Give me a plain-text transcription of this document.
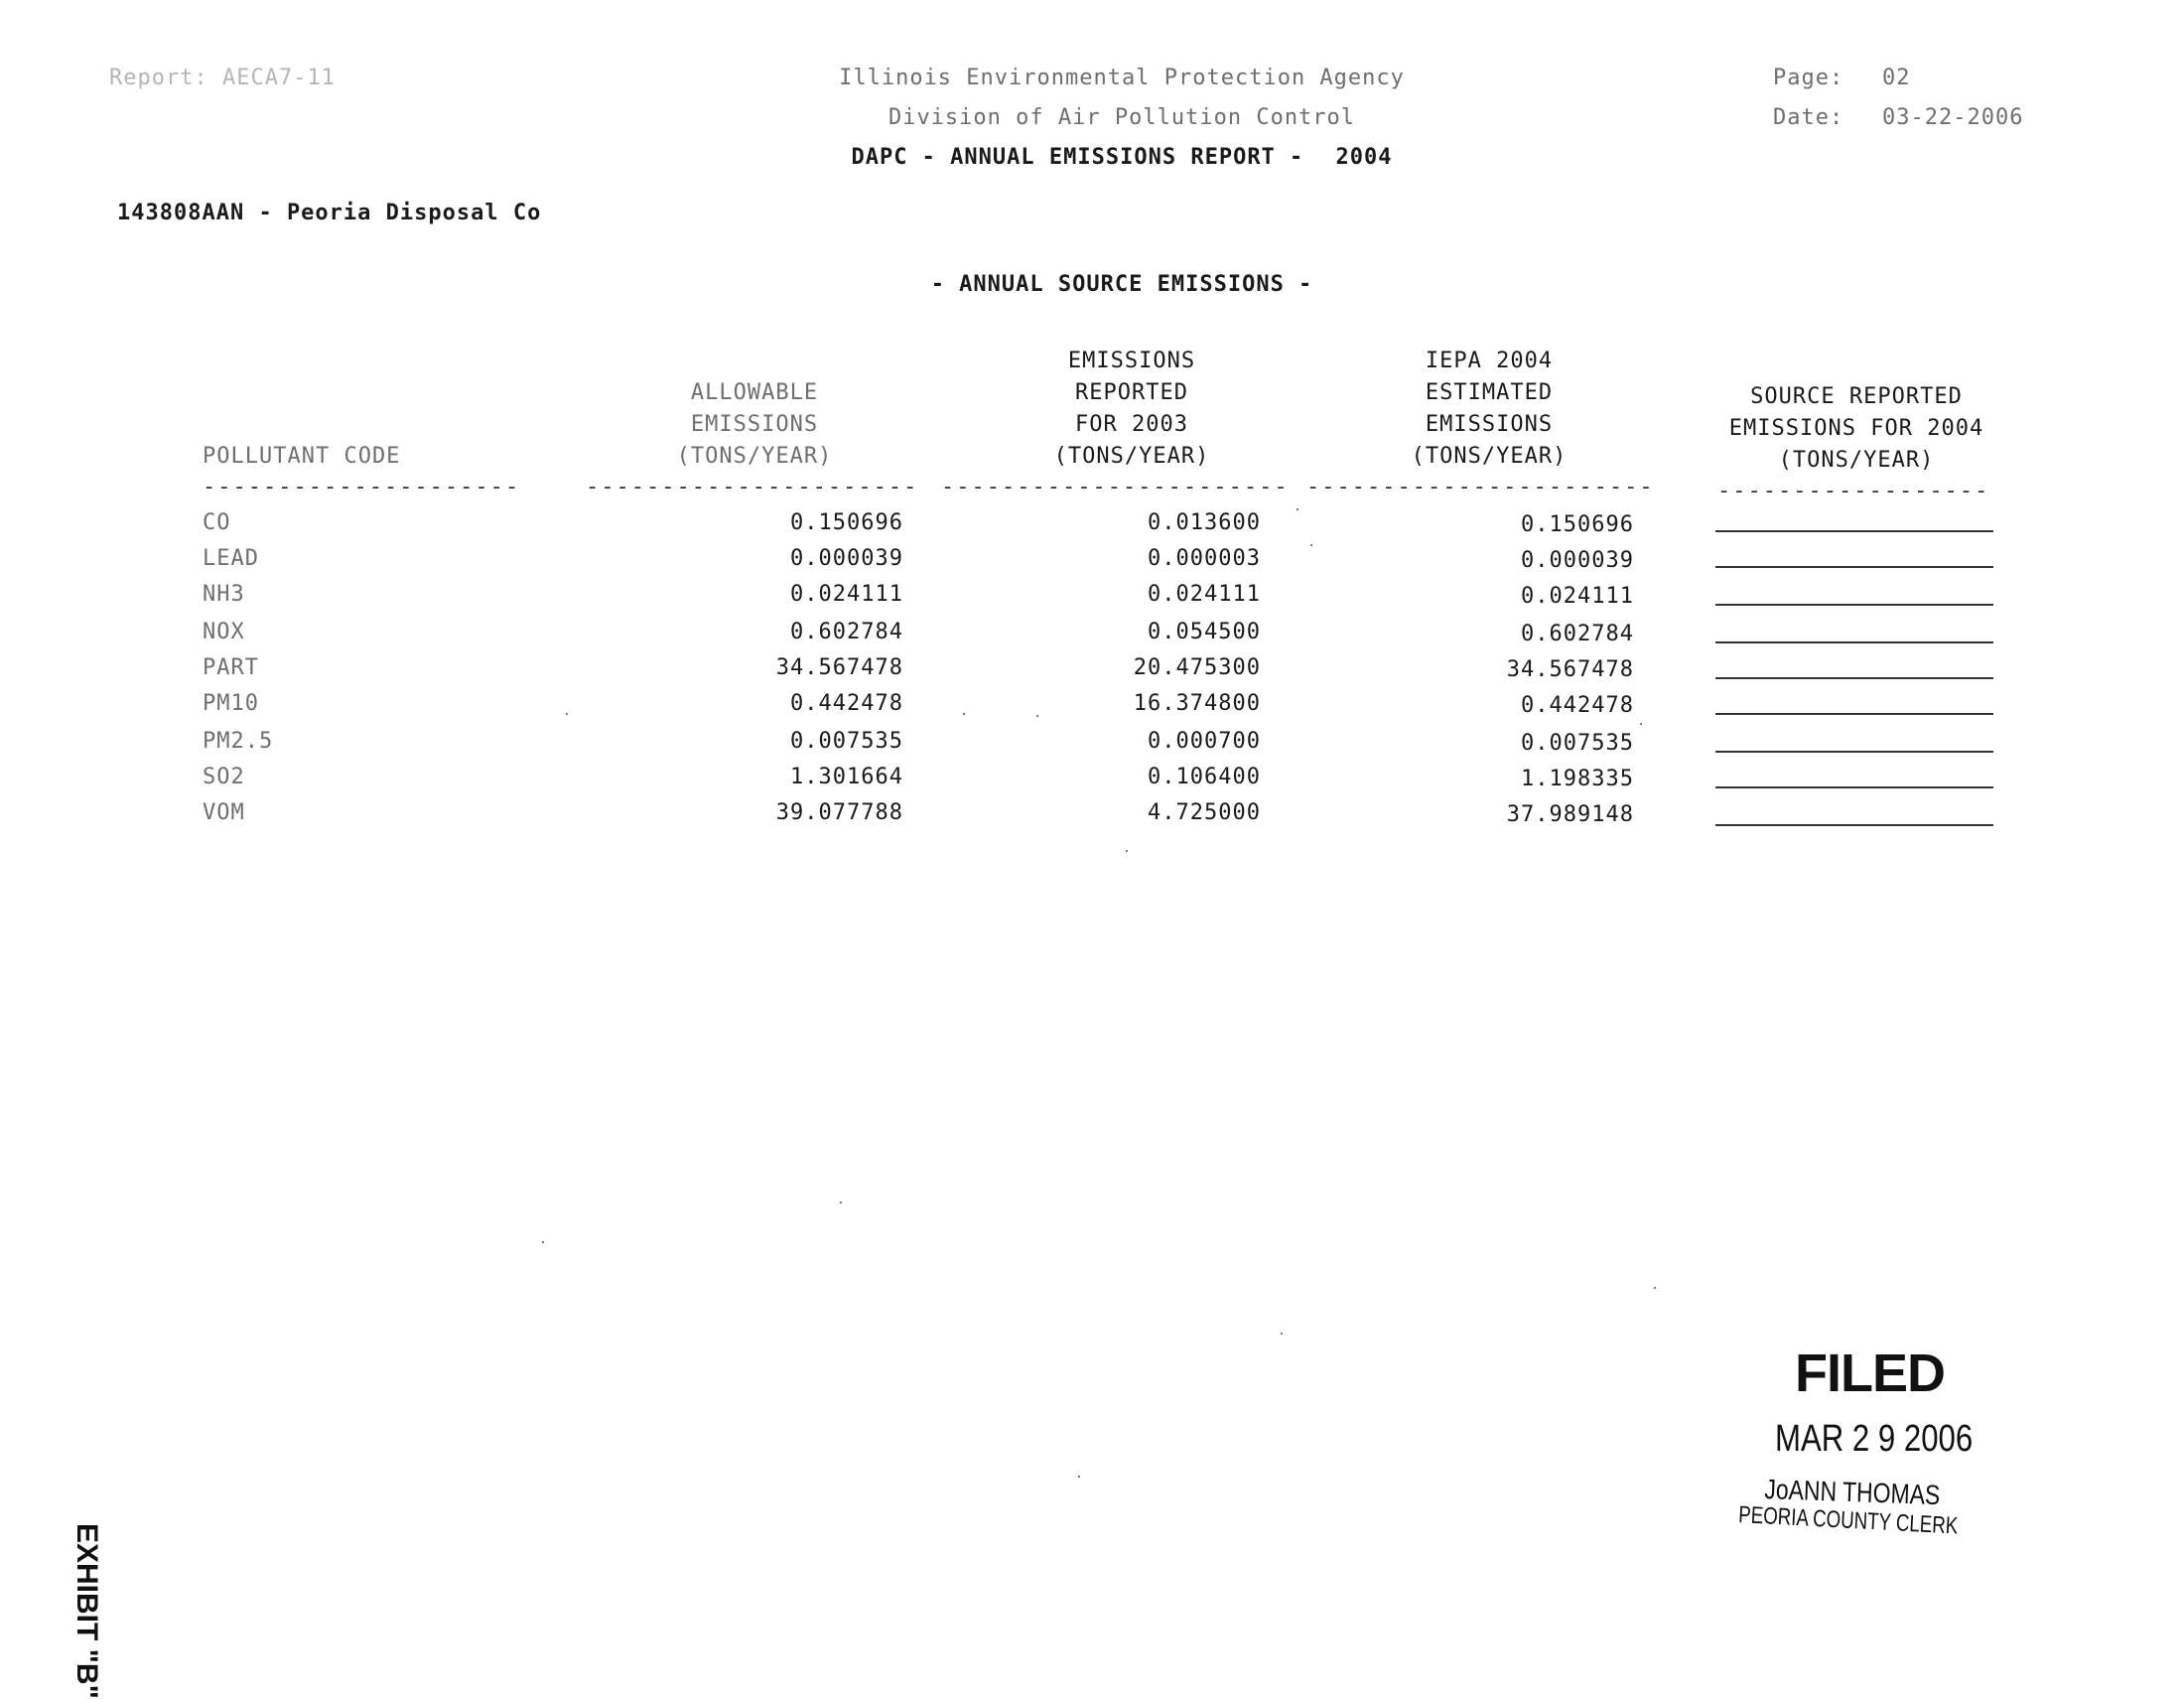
Report: AECA7-11	Illinois Environmental Protection Agency
Division of Air Pollution Control
DAPC - ANNUAL EMISSIONS REPORT - 2004
Page: 02
Date: 03-22-2006
143808AAN - Peoria Disposal Co
- ANNUAL SOURCE EMISSIONS -
POLLUTANT CODE
ALLOWABLE
EMISSIONS
(TONS/YEAR)
EMISSIONS
REPORTED
FOR 2003
(TONS/YEAR)
IEPA 2004
ESTIMATED
EMISSIONS
(TONS/YEAR)
SOURCE REPORTED
EMISSIONS FOR 2004
(TONS/YEAR)
---------------------	---------------------- ----------------------- -----------------------	------------------
CO	0.150696	0.013600	0.150696
LEAD	0.000039	0.000003	0.000039
NH3	0.024111	0.024111	0.024111
NOX	0.602784	0.054500	0.602784
PART	34.567478	20.475300	34.567478
PM10	0.442478	16.374800	0.442478
PM2.5	0.007535	0.000700	0.007535
SO2	1.301664	0.106400	1.198335
VOM	39.077788	4.725000	37.989148
FILED
MAR 2 9 2006
JoANN THOMAS
PEORIA COUNTY CLERK
EXHIBIT "B"
